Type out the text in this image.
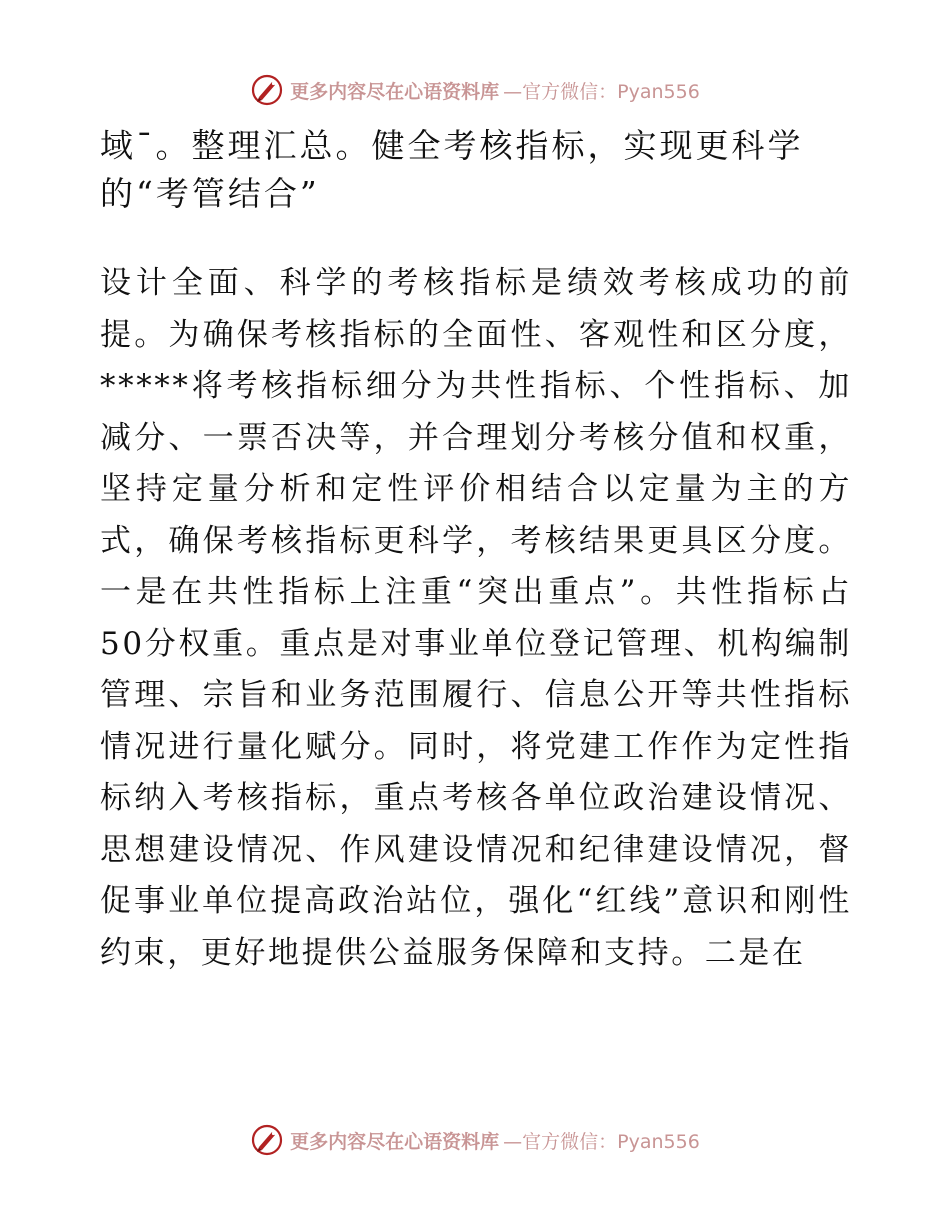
更多内容尽在心语资料库 —官方微信：Pyan556
域¯。整理汇总。健全考核指标，实现更科学
的“考管结合”

设计全面、科学的考核指标是绩效考核成功的前提。为确保考核指标的全面性、客观性和区分度，*****将考核指标细分为共性指标、个性指标、加减分、一票否决等，并合理划分考核分值和权重，坚持定量分析和定性评价相结合以定量为主的方式，确保考核指标更科学，考核结果更具区分度。一是在共性指标上注重“突出重点”。共性指标占50分权重。重点是对事业单位登记管理、机构编制管理、宗旨和业务范围履行、信息公开等共性指标情况进行量化赋分。同时，将党建工作作为定性指标纳入考核指标，重点考核各单位政治建设情况、思想建设情况、作风建设情况和纪律建设情况，督促事业单位提高政治站位，强化“红线”意识和刚性约束，更好地提供公益服务保障和支持。二是在

更多内容尽在心语资料库 —官方微信：Pyan556
